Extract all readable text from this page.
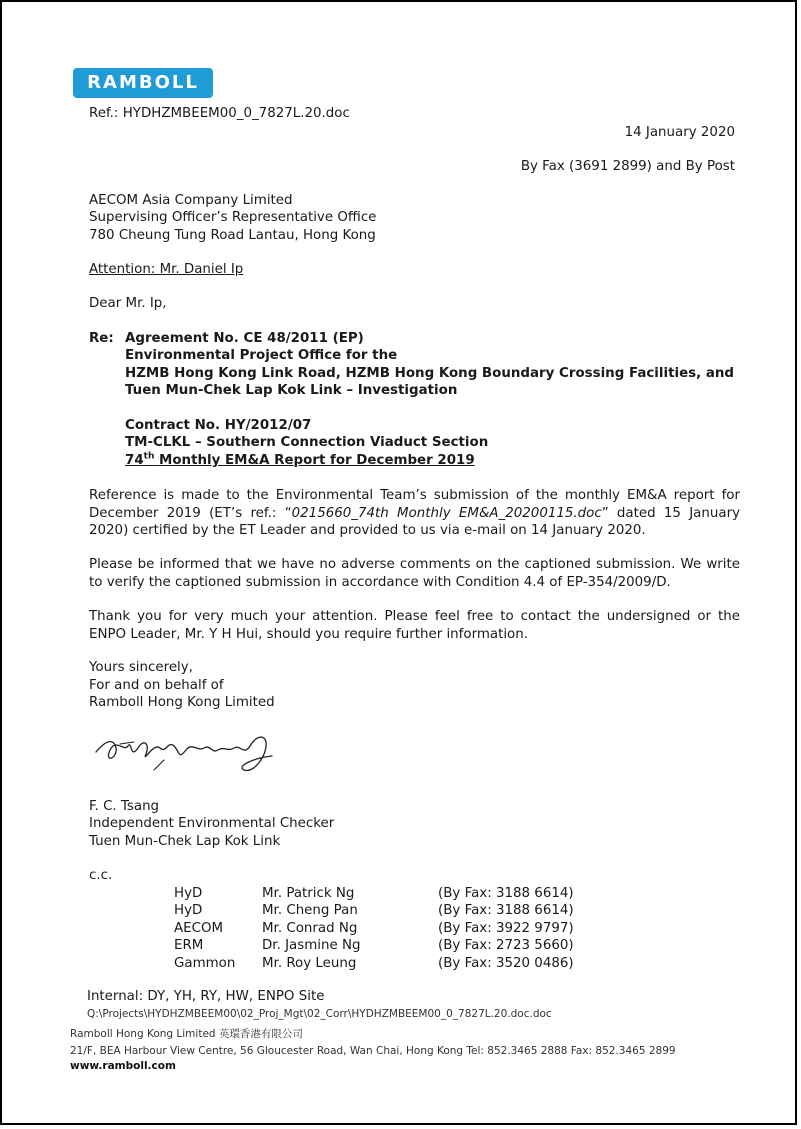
RAMBOLL
Ref.: HYDHZMBEEM00_0_7827L.20.doc
14 January 2020
By Fax (3691 2899) and By Post
AECOM Asia Company Limited
Supervising Officer’s Representative Office
780 Cheung Tung Road Lantau, Hong Kong
Attention: Mr. Daniel Ip
Dear Mr. Ip,
Re: Agreement No. CE 48/2011 (EP)
Environmental Project Office for the
HZMB Hong Kong Link Road, HZMB Hong Kong Boundary Crossing Facilities, and
Tuen Mun-Chek Lap Kok Link – Investigation
Contract No. HY/2012/07
TM-CLKL – Southern Connection Viaduct Section
74th Monthly EM&A Report for December 2019
Reference is made to the Environmental Team’s submission of the monthly EM&A report for December 2019 (ET’s ref.: “0215660_74th Monthly EM&A_20200115.doc” dated 15 January 2020) certified by the ET Leader and provided to us via e-mail on 14 January 2020.
Please be informed that we have no adverse comments on the captioned submission. We write to verify the captioned submission in accordance with Condition 4.4 of EP-354/2009/D.
Thank you for very much your attention. Please feel free to contact the undersigned or the ENPO Leader, Mr. Y H Hui, should you require further information.
Yours sincerely,
For and on behalf of
Ramboll Hong Kong Limited
F. C. Tsang
Independent Environmental Checker
Tuen Mun-Chek Lap Kok Link
c.c.
HyD	Mr. Patrick Ng	(By Fax: 3188 6614)
HyD	Mr. Cheng Pan	(By Fax: 3188 6614)
AECOM	Mr. Conrad Ng	(By Fax: 3922 9797)
ERM	Dr. Jasmine Ng	(By Fax: 2723 5660)
Gammon	Mr. Roy Leung	(By Fax: 3520 0486)
Internal: DY, YH, RY, HW, ENPO Site
Q:\Projects\HYDHZMBEEM00\02_Proj_Mgt\02_Corr\HYDHZMBEEM00_0_7827L.20.doc.doc
Ramboll Hong Kong Limited 英環香港有限公司
21/F, BEA Harbour View Centre, 56 Gloucester Road, Wan Chai, Hong Kong Tel: 852.3465 2888 Fax: 852.3465 2899
www.ramboll.com
